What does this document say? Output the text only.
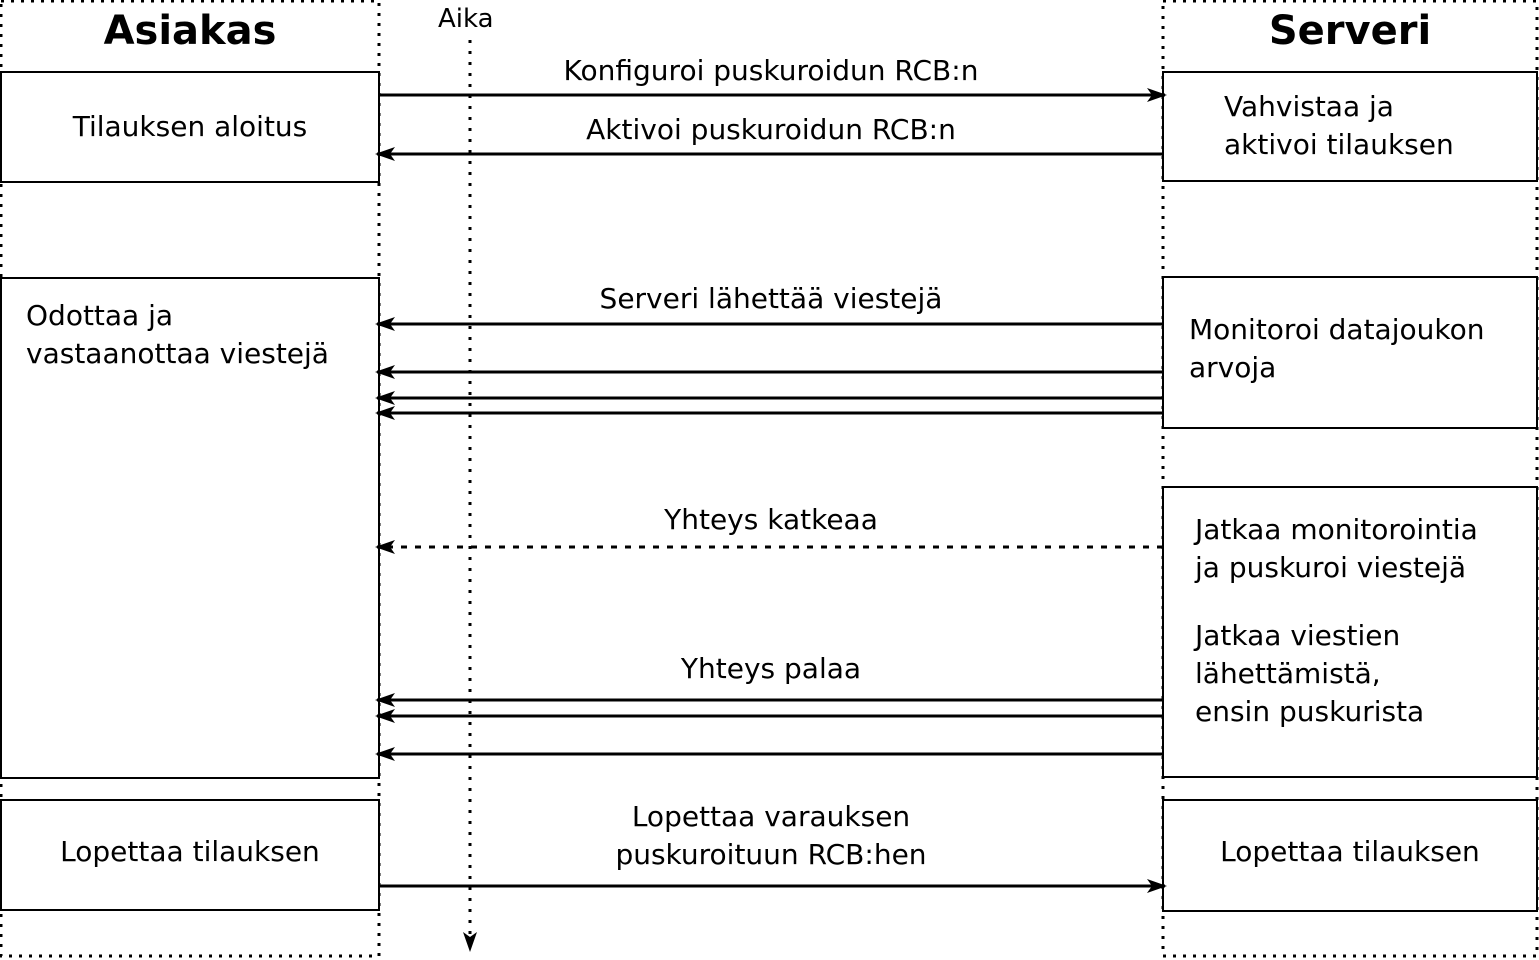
Asiakas	Serveri
Aika
Tilauksen aloitus
Odottaa ja
vastaanottaa viestejä
Lopettaa tilauksen
Vahvistaa ja
aktivoi tilauksen
Monitoroi datajoukon
arvoja
Jatkaa monitorointia
ja puskuroi viestejä
Jatkaa viestien
lähettämistä,
ensin puskurista
Lopettaa tilauksen
Konfiguroi puskuroidun RCB:n
Aktivoi puskuroidun RCB:n
Serveri lähettää viestejä
Yhteys katkeaa
Yhteys palaa
Lopettaa varauksen
puskuroituun RCB:hen
